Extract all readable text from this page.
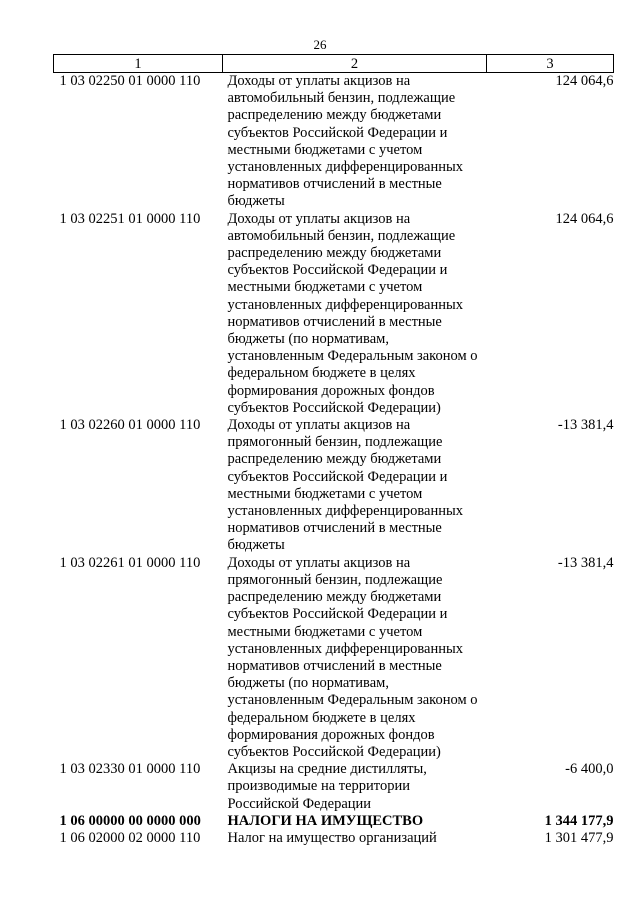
26
1	2	3
1 03 02250 01 0000 110	Доходы от уплаты акцизов на автомобильный бензин, подлежащие распределению между бюджетами субъектов Российской Федерации и местными бюджетами с учетом установленных дифференцированных нормативов отчислений в местные бюджеты	124 064,6
1 03 02251 01 0000 110	Доходы от уплаты акцизов на автомобильный бензин, подлежащие распределению между бюджетами субъектов Российской Федерации и местными бюджетами с учетом установленных дифференцированных нормативов отчислений в местные бюджеты (по нормативам, установленным Федеральным законом о федеральном бюджете в целях формирования дорожных фондов субъектов Российской Федерации)	124 064,6
1 03 02260 01 0000 110	Доходы от уплаты акцизов на прямогонный бензин, подлежащие распределению между бюджетами субъектов Российской Федерации и местными бюджетами с учетом установленных дифференцированных нормативов отчислений в местные бюджеты	-13 381,4
1 03 02261 01 0000 110	Доходы от уплаты акцизов на прямогонный бензин, подлежащие распределению между бюджетами субъектов Российской Федерации и местными бюджетами с учетом установленных дифференцированных нормативов отчислений в местные бюджеты (по нормативам, установленным Федеральным законом о федеральном бюджете в целях формирования дорожных фондов субъектов Российской Федерации)	-13 381,4
1 03 02330 01 0000 110	Акцизы на средние дистилляты, производимые на территории Российской Федерации	-6 400,0
1 06 00000 00 0000 000	НАЛОГИ НА ИМУЩЕСТВО	1 344 177,9
1 06 02000 02 0000 110	Налог на имущество организаций	1 301 477,9
